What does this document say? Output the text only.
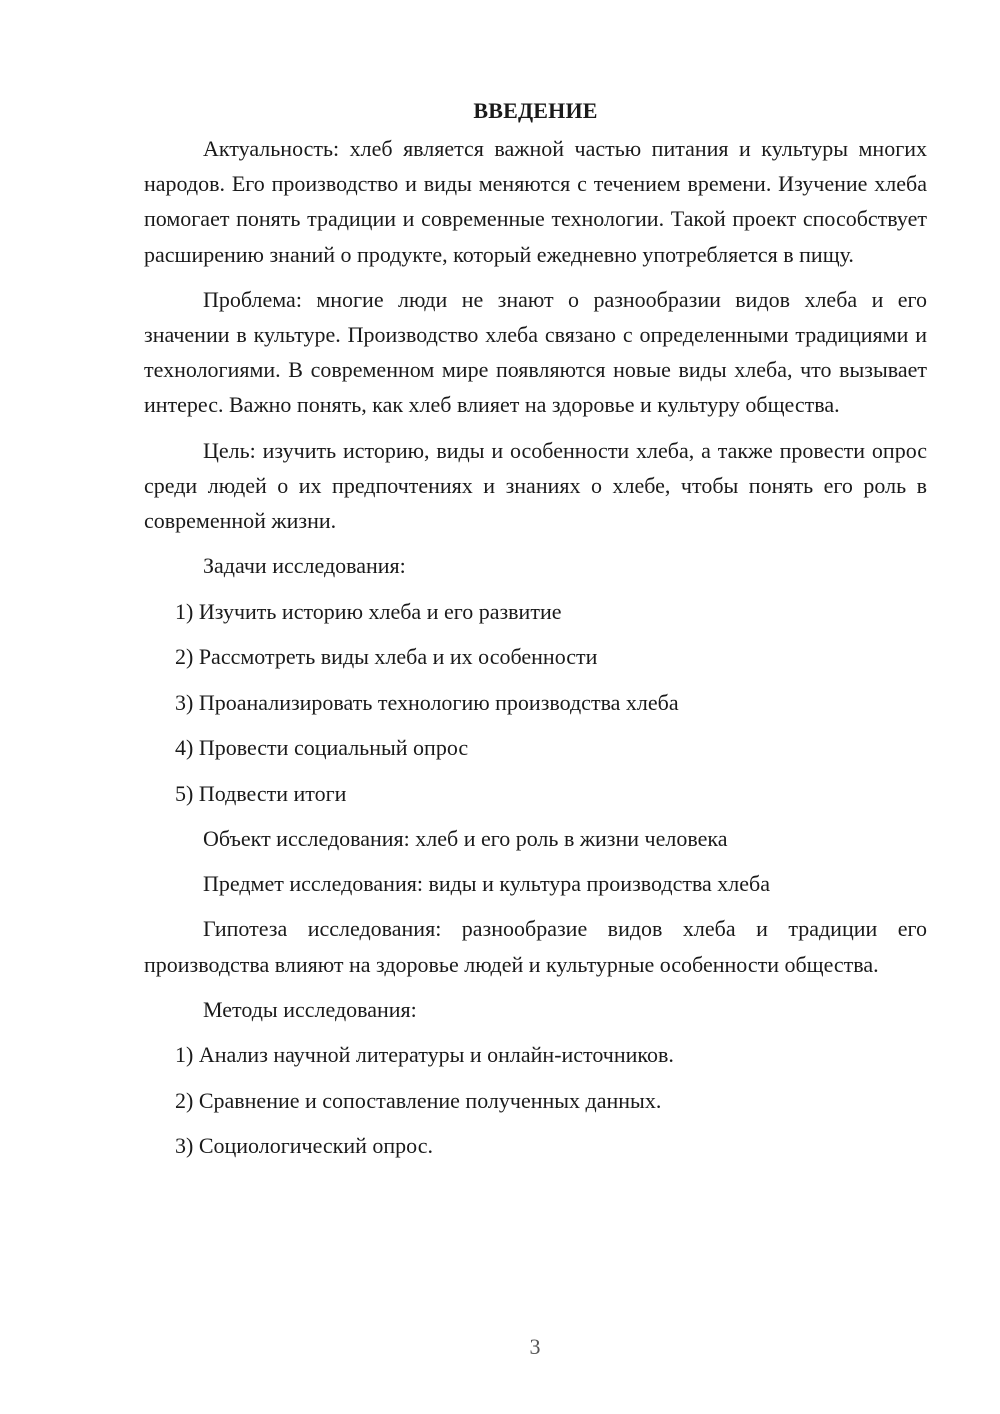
ВВЕДЕНИЕ

Актуальность: хлеб является важной частью питания и культуры многих народов. Его производство и виды меняются с течением времени. Изучение хлеба помогает понять традиции и современные технологии. Такой проект способствует расширению знаний о продукте, который ежедневно употребляется в пищу.

Проблема: многие люди не знают о разнообразии видов хлеба и его значении в культуре. Производство хлеба связано с определенными традициями и технологиями. В современном мире появляются новые виды хлеба, что вызывает интерес. Важно понять, как хлеб влияет на здоровье и культуру общества.

Цель: изучить историю, виды и особенности хлеба, а также провести опрос среди людей о их предпочтениях и знаниях о хлебе, чтобы понять его роль в современной жизни.

Задачи исследования:

1) Изучить историю хлеба и его развитие
2) Рассмотреть виды хлеба и их особенности
3) Проанализировать технологию производства хлеба
4) Провести социальный опрос
5) Подвести итоги

Объект исследования: хлеб и его роль в жизни человека

Предмет исследования: виды и культура производства хлеба

Гипотеза исследования: разнообразие видов хлеба и традиции его производства влияют на здоровье людей и культурные особенности общества.

Методы исследования:

1) Анализ научной литературы и онлайн-источников.
2) Сравнение и сопоставление полученных данных.
3) Социологический опрос.
3
